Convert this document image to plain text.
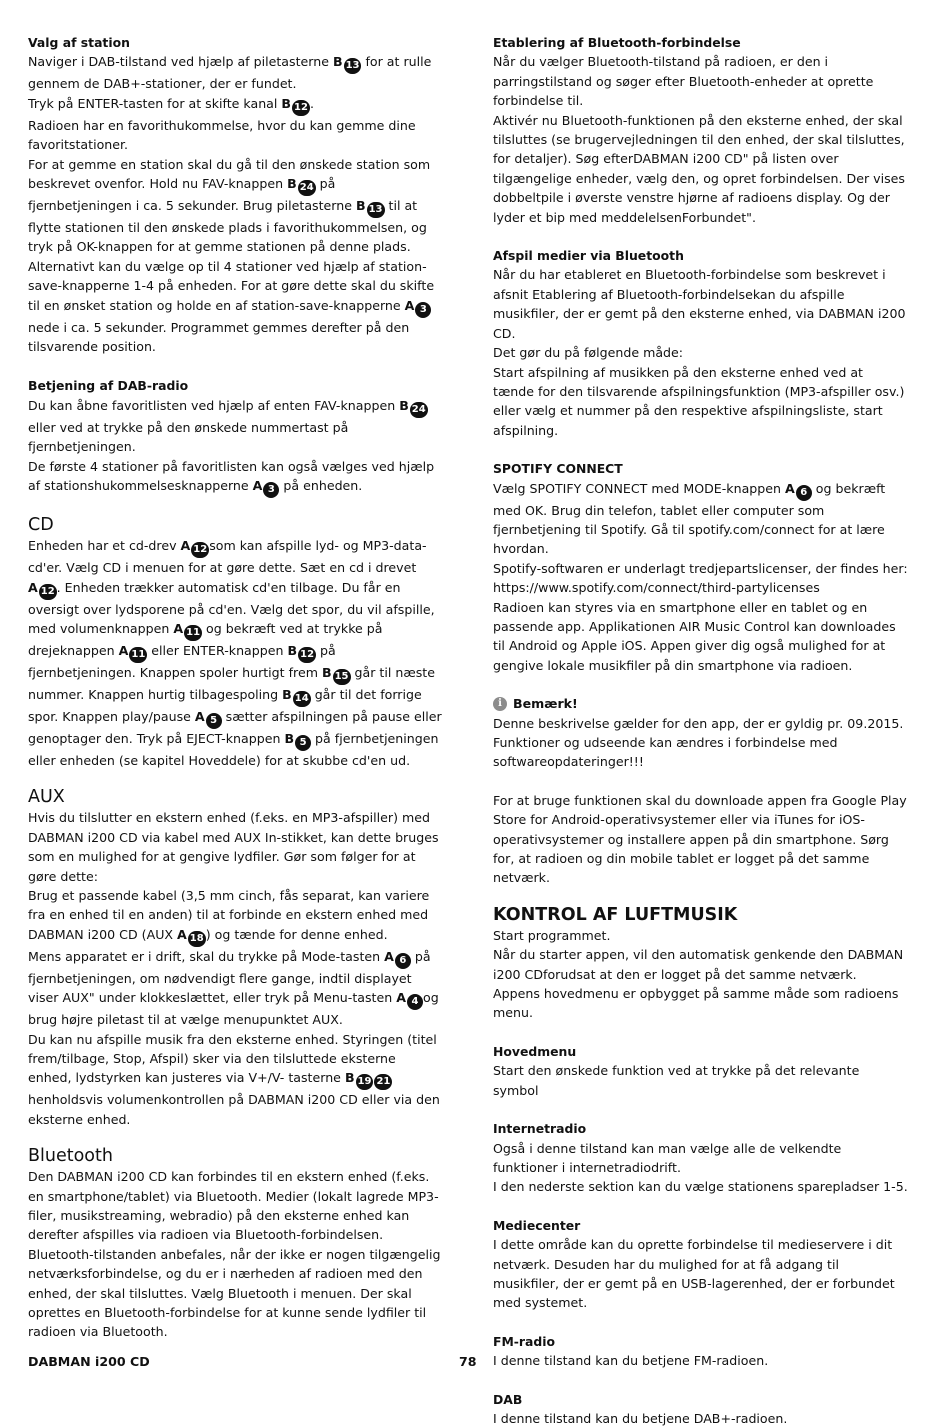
Valg af station

Naviger i DAB-tilstand ved hjælp af piletasterne B 13 for at rulle gennem de DAB+-stationer, der er fundet.

Tryk på ENTER-tasten for at skifte kanal B 12 .

Radioen har en favorithukommelse, hvor du kan gemme dine favoritstationer.

For at gemme en station skal du gå til den ønskede station som beskrevet ovenfor. Hold nu FAV-knappen B 24 på fjernbetjeningen i ca. 5 sekunder. Brug piletasterne B 13 til at flytte stationen til den ønskede plads i favorithukommelsen, og tryk på OK-knappen for at gemme stationen på denne plads.

Alternativt kan du vælge op til 4 stationer ved hjælp af station-save-knapperne 1-4 på enheden. For at gøre dette skal du skifte til en ønsket station og holde en af station-save-knapperne A 3 nede i ca. 5 sekunder. Programmet gemmes derefter på den tilsvarende position.

Betjening af DAB-radio

Du kan åbne favoritlisten ved hjælp af enten FAV-knappen B 24 eller ved at trykke på den ønskede nummertast på fjernbetjeningen.

De første 4 stationer på favoritlisten kan også vælges ved hjælp af stationshukommelsesknapperne A 3 på enheden.

CD

Enheden har et cd-drev A 12 som kan afspille lyd- og MP3-data-cd'er. Vælg CD i menuen for at gøre dette. Sæt en cd i drevet A 12 . Enheden trækker automatisk cd'en tilbage. Du får en oversigt over lydsporene på cd'en. Vælg det spor, du vil afspille, med volumenknappen A 11 og bekræft ved at trykke på drejeknappen A 11 eller ENTER-knappen B 12 på fjernbetjeningen. Knappen spoler hurtigt frem B 15 går til næste nummer. Knappen hurtig tilbagespoling B 14 går til det forrige spor. Knappen play/pause A 5 sætter afspilningen på pause eller genoptager den. Tryk på EJECT-knappen B 5 på fjernbetjeningen eller enheden (se kapitel Hoveddele) for at skubbe cd'en ud.

AUX

Hvis du tilslutter en ekstern enhed (f.eks. en MP3-afspiller) med DABMAN i200 CD via kabel med AUX In-stikket, kan dette bruges som en mulighed for at gengive lydfiler. Gør som følger for at gøre dette:

Brug et passende kabel (3,5 mm cinch, fås separat, kan variere fra en enhed til en anden) til at forbinde en ekstern enhed med DABMAN i200 CD (AUX A 18 ) og tænde for denne enhed.

Mens apparatet er i drift, skal du trykke på Mode-tasten A 6 på fjernbetjeningen, om nødvendigt flere gange, indtil displayet viser AUX" under klokkeslættet, eller tryk på Menu-tasten A 4 og brug højre piletast til at vælge menupunktet AUX.

Du kan nu afspille musik fra den eksterne enhed. Styringen (titel frem/tilbage, Stop, Afspil) sker via den tilsluttede eksterne enhed, lydstyrken kan justeres via V+/V- tasterne B 19 21 henholdsvis volumenkontrollen på DABMAN i200 CD eller via den eksterne enhed.

Bluetooth

Den DABMAN i200 CD kan forbindes til en ekstern enhed (f.eks. en smartphone/tablet) via Bluetooth. Medier (lokalt lagrede MP3-filer, musikstreaming, webradio) på den eksterne enhed kan derefter afspilles via radioen via Bluetooth-forbindelsen. Bluetooth-tilstanden anbefales, når der ikke er nogen tilgængelig netværksforbindelse, og du er i nærheden af radioen med den enhed, der skal tilsluttes. Vælg Bluetooth i menuen. Der skal oprettes en Bluetooth-forbindelse for at kunne sende lydfiler til radioen via Bluetooth.

Etablering af Bluetooth-forbindelse

Når du vælger Bluetooth-tilstand på radioen, er den i parringstilstand og søger efter Bluetooth-enheder at oprette forbindelse til.

Aktivér nu Bluetooth-funktionen på den eksterne enhed, der skal tilsluttes (se brugervejledningen til den enhed, der skal tilsluttes, for detaljer). Søg efterDABMAN i200 CD" på listen over tilgængelige enheder, vælg den, og opret forbindelsen. Der vises dobbeltpile i øverste venstre hjørne af radioens display. Og der lyder et bip med meddelelsenForbundet".

Afspil medier via Bluetooth

Når du har etableret en Bluetooth-forbindelse som beskrevet i afsnit Etablering af Bluetooth-forbindelsekan du afspille musikfiler, der er gemt på den eksterne enhed, via DABMAN i200 CD.

Det gør du på følgende måde:

Start afspilning af musikken på den eksterne enhed ved at tænde for den tilsvarende afspilningsfunktion (MP3-afspiller osv.) eller vælg et nummer på den respektive afspilningsliste, start afspilning.

SPOTIFY CONNECT

Vælg SPOTIFY CONNECT med MODE-knappen A 6 og bekræft med OK. Brug din telefon, tablet eller computer som fjernbetjening til Spotify. Gå til spotify.com/connect for at lære hvordan.

Spotify-softwaren er underlagt tredjepartslicenser, der findes her: https://www.spotify.com/connect/third-partylicenses

Radioen kan styres via en smartphone eller en tablet og en passende app. Applikationen AIR Music Control kan downloades til Android og Apple iOS. Appen giver dig også mulighed for at gengive lokale musikfiler på din smartphone via radioen.

i Bemærk!

Denne beskrivelse gælder for den app, der er gyldig pr. 09.2015. Funktioner og udseende kan ændres i forbindelse med softwareopdateringer!!!

For at bruge funktionen skal du downloade appen fra Google Play Store for Android-operativsystemer eller via iTunes for iOS-operativsystemer og installere appen på din smartphone. Sørg for, at radioen og din mobile tablet er logget på det samme netværk.

KONTROL AF LUFTMUSIK

Start programmet.

Når du starter appen, vil den automatisk genkende den DABMAN i200 CDforudsat at den er logget på det samme netværk.

Appens hovedmenu er opbygget på samme måde som radioens menu.

Hovedmenu

Start den ønskede funktion ved at trykke på det relevante symbol

Internetradio

Også i denne tilstand kan man vælge alle de velkendte funktioner i internetradiodrift.

I den nederste sektion kan du vælge stationens sparepladser 1-5.

Mediecenter

I dette område kan du oprette forbindelse til medieservere i dit netværk. Desuden har du mulighed for at få adgang til musikfiler, der er gemt på en USB-lagerenhed, der er forbundet med systemet.

FM-radio

I denne tilstand kan du betjene FM-radioen.

DAB

I denne tilstand kan du betjene DAB+-radioen.

DABMAN i200 CD	78
